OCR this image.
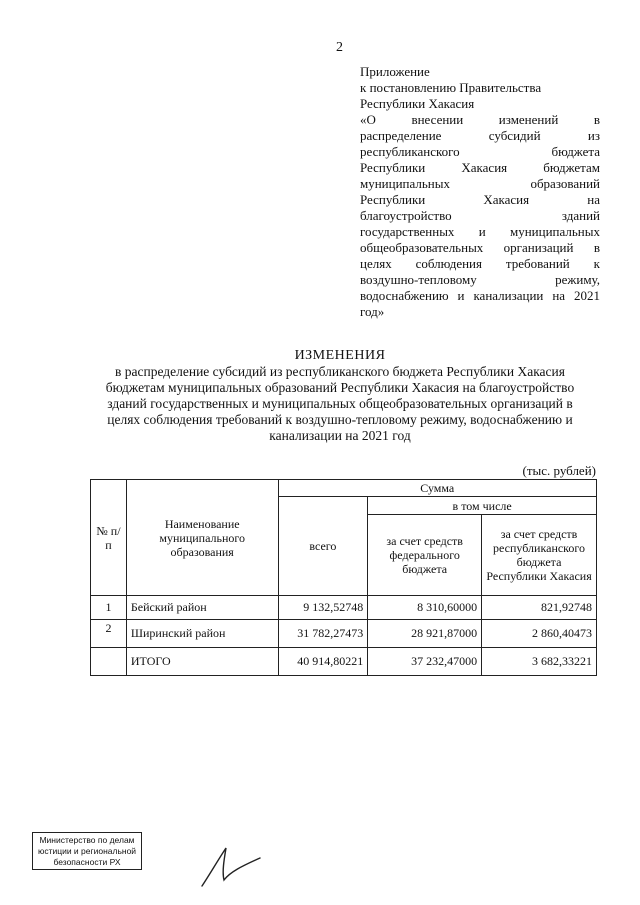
2
Приложение
к постановлению Правительства
Республики Хакасия
«О внесении изменений в
распределение субсидий из
республиканского бюджета
Республики Хакасия бюджетам
муниципальных образований
Республики Хакасия на
благоустройство зданий
государственных и муниципальных
общеобразовательных организаций в
целях соблюдения требований к
воздушно-тепловому режиму,
водоснабжению и канализации на 2021
год»
ИЗМЕНЕНИЯ
в распределение субсидий из республиканского бюджета Республики Хакасия
бюджетам муниципальных образований Республики Хакасия на благоустройство
зданий государственных и муниципальных общеобразовательных организаций в
целях соблюдения требований к воздушно-тепловому режиму, водоснабжению и
канализации на 2021 год
(тыс. рублей)
№ п/п	Наименование муниципального образования	Сумма		
		всего	в том числе	
			за счет средств федерального бюджета	за счет средств республиканского бюджета Республики Хакасия
1	Бейский район	9 132,52748	8 310,60000	821,92748
2	Ширинский район	31 782,27473	28 921,87000	2 860,40473
	ИТОГО	40 914,80221	37 232,47000	3 682,33221
Министерство по делам
юстиции и региональной
безопасности РХ
